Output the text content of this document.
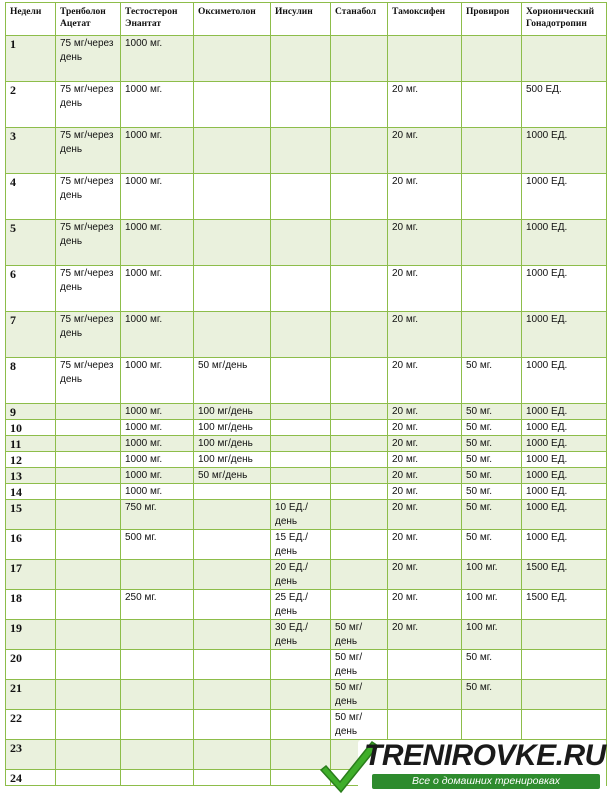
Недели	Тренболон Ацетат	Тестостерон Энантат	Оксиметолон	Инсулин	Станабол	Тамоксифен	Провирон	Хорионический Гонадотропин
1	75 мг/через день	1000 мг.						
2	75 мг/через день	1000 мг.				20 мг.		500 ЕД.
3	75 мг/через день	1000 мг.				20 мг.		1000 ЕД.
4	75 мг/через день	1000 мг.				20 мг.		1000 ЕД.
5	75 мг/через день	1000 мг.				20 мг.		1000 ЕД.
6	75 мг/через день	1000 мг.				20 мг.		1000 ЕД.
7	75 мг/через день	1000 мг.				20 мг.		1000 ЕД.
8	75 мг/через день	1000 мг.	50 мг/день			20 мг.	50 мг.	1000 ЕД.
9		1000 мг.	100 мг/день			20 мг.	50 мг.	1000 ЕД.
10		1000 мг.	100 мг/день			20 мг.	50 мг.	1000 ЕД.
11		1000 мг.	100 мг/день			20 мг.	50 мг.	1000 ЕД.
12		1000 мг.	100 мг/день			20 мг.	50 мг.	1000 ЕД.
13		1000 мг.	50 мг/день			20 мг.	50 мг.	1000 ЕД.
14		1000 мг.				20 мг.	50 мг.	1000 ЕД.
15		750 мг.		10 ЕД./день		20 мг.	50 мг.	1000 ЕД.
16		500 мг.		15 ЕД./день		20 мг.	50 мг.	1000 ЕД.
17				20 ЕД./день		20 мг.	100 мг.	1500 ЕД.
18		250 мг.		25 ЕД./день		20 мг.	100 мг.	1500 ЕД.
19				30 ЕД./день	50 мг/день	20 мг.	100 мг.	
20					50 мг/день		50 мг.	
21					50 мг/день		50 мг.	
22					50 мг/день			
23								
24								
TRENIROVKE.RU
Все о домашних тренировках
